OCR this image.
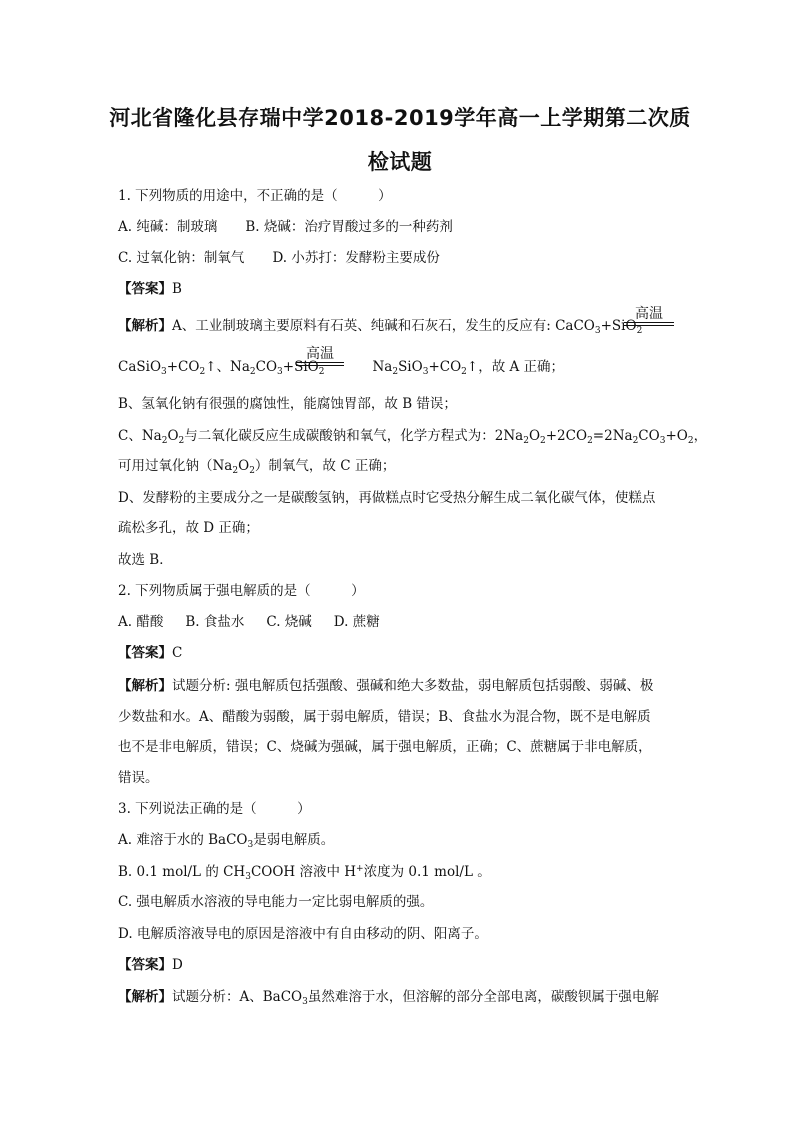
河北省隆化县存瑞中学2018-2019学年高一上学期第二次质
检试题
1. 下列物质的用途中，不正确的是（　　　）
A. 纯碱：制玻璃 B. 烧碱：治疗胃酸过多的一种药剂
C. 过氧化钠：制氧气 D. 小苏打：发酵粉主要成份
【答案】B
【解析】A、工业制玻璃主要原料有石英、纯碱和石灰石，发生的反应有: CaCO$_3$+SiO$_2$
高温
$CaSiO_3+CO_2↑$、$Na_2CO_3+SiO_2$	$Na_2SiO_3+CO_2↑$，故 A 正确；
高温
B、氢氧化钠有很强的腐蚀性，能腐蚀胃部，故 B 错误；
C、$Na_2O_2$与二氧化碳反应生成碳酸钠和氧气，化学方程式为：$2Na_2O_2+2CO_2=2Na_2CO_3+O_2$，
可用过氧化钠$(Na_2O_2)$制氧气，故 C 正确；
D、发酵粉的主要成分之一是碳酸氢钠，再做糕点时它受热分解生成二氧化碳气体，使糕点
疏松多孔，故 D 正确；
故选 B．
2. 下列物质属于强电解质的是（　　　）
A. 醋酸 B. 食盐水 C. 烧碱 D. 蔗糖
【答案】C
【解析】试题分析: 强电解质包括强酸、强碱和绝大多数盐，弱电解质包括弱酸、弱碱、极
少数盐和水。A、醋酸为弱酸，属于弱电解质，错误；B、食盐水为混合物，既不是电解质
也不是非电解质，错误；C、烧碱为强碱，属于强电解质，正确；C、蔗糖属于非电解质，
错误。
3. 下列说法正确的是（　　　）
A. 难溶于水的 BaCO$_3$是弱电解质。
B. 0.1 mol/L 的 $CH_3COOH$ 溶液中 H+浓度为 0.1 mol/L 。
C. 强电解质水溶液的导电能力一定比弱电解质的强。
D. 电解质溶液导电的原因是溶液中有自由移动的阴、阳离子。
【答案】D
【解析】试题分析：A、BaCO$_3$虽然难溶于水，但溶解的部分全部电离，碳酸钡属于强电解
